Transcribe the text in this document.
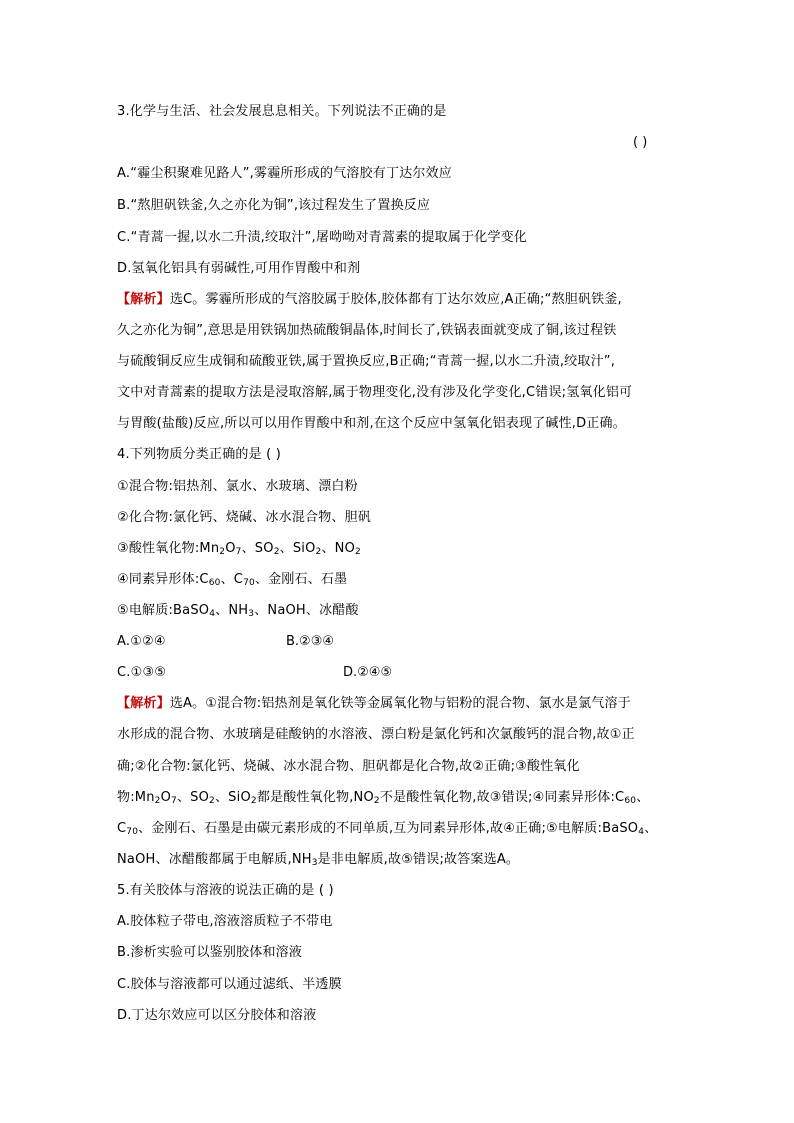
3.化学与生活、社会发展息息相关。下列说法不正确的是
( )
A.“霾尘积聚难见路人”,雾霾所形成的气溶胶有丁达尔效应
B.“熬胆矾铁釜,久之亦化为铜”,该过程发生了置换反应
C.“青蒿一握,以水二升渍,绞取汁”,屠呦呦对青蒿素的提取属于化学变化
D.氢氧化铝具有弱碱性,可用作胃酸中和剂
【解析】选C。雾霾所形成的气溶胶属于胶体,胶体都有丁达尔效应,A正确;“熬胆矾铁釜,
久之亦化为铜”,意思是用铁锅加热硫酸铜晶体,时间长了,铁锅表面就变成了铜,该过程铁
与硫酸铜反应生成铜和硫酸亚铁,属于置换反应,B正确;“青蒿一握,以水二升渍,绞取汁”,
文中对青蒿素的提取方法是浸取溶解,属于物理变化,没有涉及化学变化,C错误;氢氧化铝可
与胃酸(盐酸)反应,所以可以用作胃酸中和剂,在这个反应中氢氧化铝表现了碱性,D正确。
4.下列物质分类正确的是 ( )
①混合物:铝热剂、氯水、水玻璃、漂白粉
②化合物:氯化钙、烧碱、冰水混合物、胆矾
③酸性氧化物$:Mn_2O_7$、$SO_2$、SiO$_2$、$NO_2$
④同素异形体$:C_{60}$、$C_{70}$、金刚石、石墨
⑤电解质:BaSO$_4$、$NH_3$、NaOH、冰醋酸
A.①②④	B.②③④
C.①③⑤	D.②④⑤
【解析】选A。①混合物:铝热剂是氧化铁等金属氧化物与铝粉的混合物、氯水是氯气溶于
水形成的混合物、水玻璃是硅酸钠的水溶液、漂白粉是氯化钙和次氯酸钙的混合物,故①正
确;②化合物:氯化钙、烧碱、冰水混合物、胆矾都是化合物,故②正确;③酸性氧化
物$:Mn_2O_7$、$SO_2$、SiO$_2$都是酸性氧化物$,NO_2$不是酸性氧化物,故③错误;④同素异形体$:C_{60}$、
$C_{70}$、金刚石、石墨是由碳元素形成的不同单质,互为同素异形体,故④正确;⑤电解质:BaSO$_4$、
NaOH、冰醋酸都属于电解质$,NH_3$是非电解质,故⑤错误;故答案选A。
5.有关胶体与溶液的说法正确的是 ( )
A.胶体粒子带电,溶液溶质粒子不带电
B.渗析实验可以鉴别胶体和溶液
C.胶体与溶液都可以通过滤纸、半透膜
D.丁达尔效应可以区分胶体和溶液
